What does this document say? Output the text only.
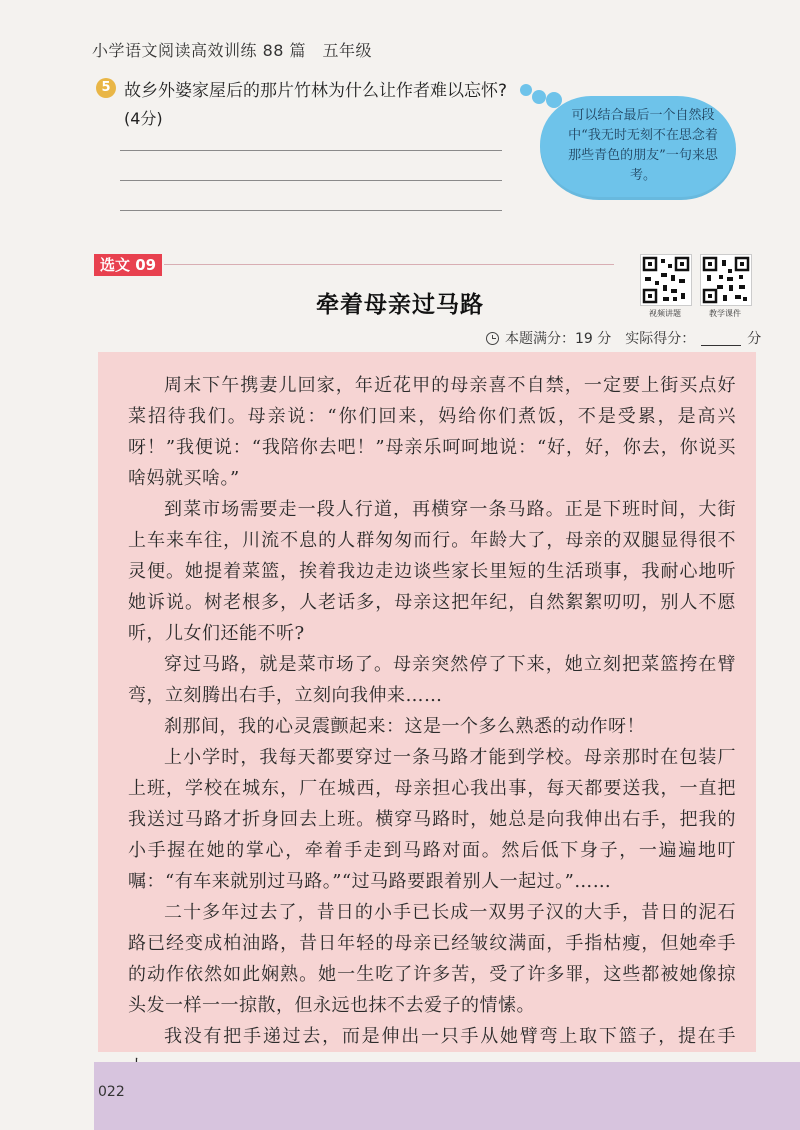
小学语文阅读高效训练 88 篇　五年级
5 故乡外婆家屋后的那片竹林为什么让作者难以忘怀?
(4分)	可以结合最后一个自然段中“我无时无刻不在思念着那些青色的朋友”一句来思考。
选文 09
视频讲题	教学课件
牵着母亲过马路
本题满分：19 分 实际得分：	分

周末下午携妻儿回家，年近花甲的母亲喜不自禁，一定要上街买点好菜招待我们。母亲说：“你们回来，妈给你们煮饭，不是受累，是高兴呀！”我便说：“我陪你去吧！”母亲乐呵呵地说：“好，好，你去，你说买啥妈就买啥。”

到菜市场需要走一段人行道，再横穿一条马路。正是下班时间，大街上车来车往，川流不息的人群匆匆而行。年龄大了，母亲的双腿显得很不灵便。她提着菜篮，挨着我边走边谈些家长里短的生活琐事，我耐心地听她诉说。树老根多，人老话多，母亲这把年纪，自然絮絮叨叨，别人不愿听，儿女们还能不听?

穿过马路，就是菜市场了。母亲突然停了下来，她立刻把菜篮挎在臂弯，立刻腾出右手，立刻向我伸来……

刹那间，我的心灵震颤起来：这是一个多么熟悉的动作呀！

上小学时，我每天都要穿过一条马路才能到学校。母亲那时在包装厂上班，学校在城东，厂在城西，母亲担心我出事，每天都要送我，一直把我送过马路才折身回去上班。横穿马路时，她总是向我伸出右手，把我的小手握在她的掌心，牵着手走到马路对面。然后低下身子，一遍遍地叮嘱：“有车来就别过马路。”“过马路要跟着别人一起过。”……

二十多年过去了，昔日的小手已长成一双男子汉的大手，昔日的泥石路已经变成柏油路，昔日年轻的母亲已经皱纹满面，手指枯瘦，但她牵手的动作依然如此娴熟。她一生吃了许多苦，受了许多罪，这些都被她像掠头发一样一一掠散，但永远也抹不去爱子的情愫。

我没有把手递过去，而是伸出一只手从她臂弯上取下篮子，提在手

022
